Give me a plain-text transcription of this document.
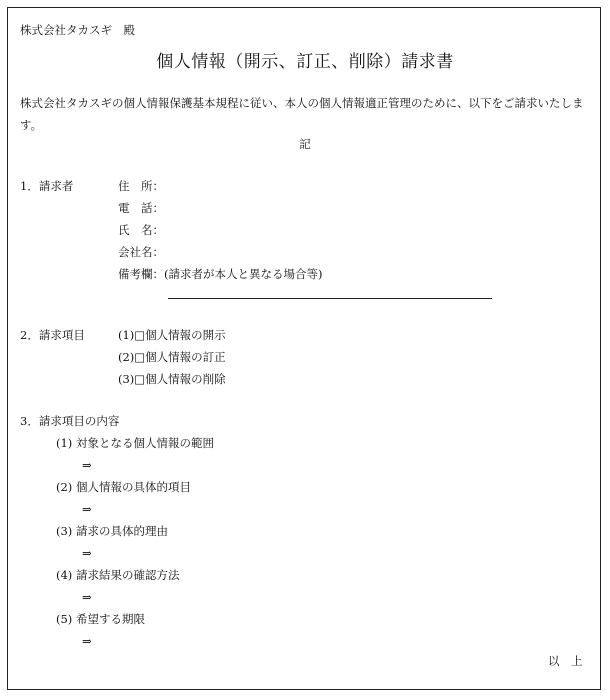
株式会社タカスギ　殿
個人情報（開示、訂正、削除）請求書
株式会社タカスギの個人情報保護基本規程に従い、本人の個人情報適正管理のために、以下をご請求いたします。
記
1．請求者	住　所：
電　話：
氏　名：
会社名：
備考欄：(請求者が本人と異なる場合等)
2．請求項目	(1)□個人情報の開示
(2)□個人情報の訂正
(3)□個人情報の削除
3．請求項目の内容
(1) 対象となる個人情報の範囲
⇒
(2) 個人情報の具体的項目
⇒
(3) 請求の具体的理由
⇒
(4) 請求結果の確認方法
⇒
(5) 希望する期限
⇒
以　上
